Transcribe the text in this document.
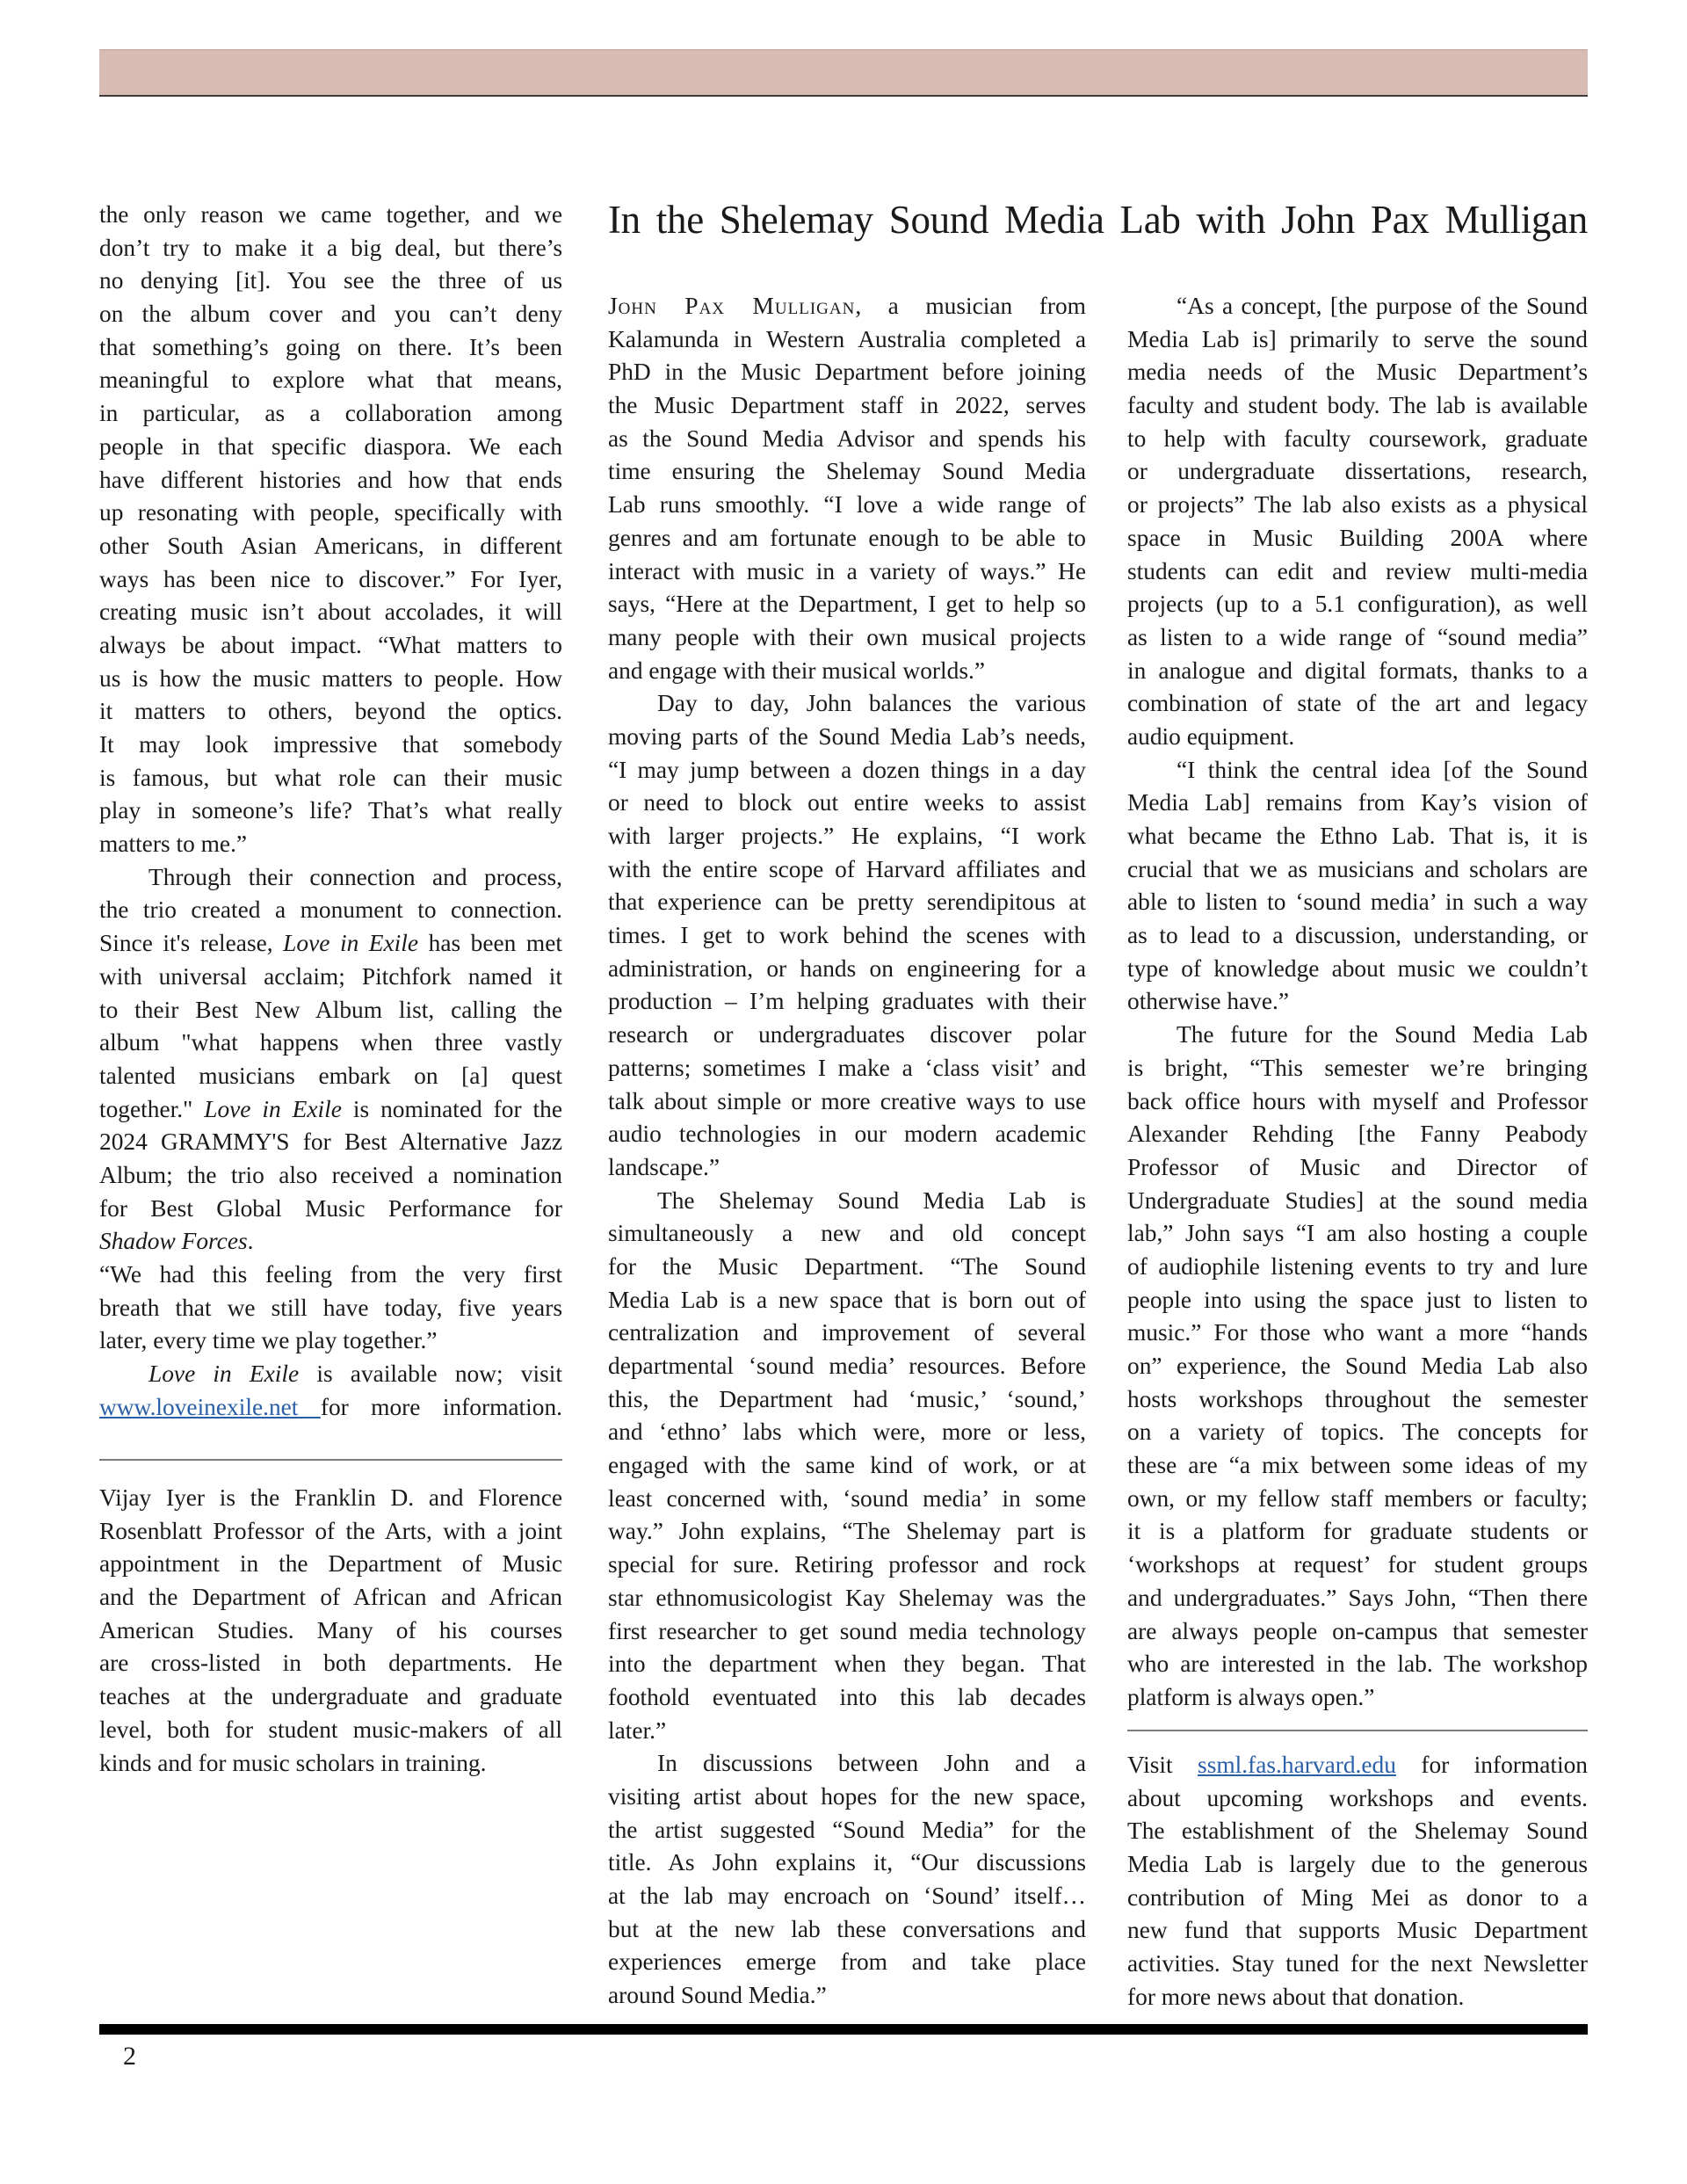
the only reason we came together, and we
don’t try to make it a big deal, but there’s
no denying [it]. You see the three of us
on the album cover and you can’t deny
that something’s going on there. It’s been
meaningful to explore what that means,
in particular, as a collaboration among
people in that specific diaspora. We each
have different histories and how that ends
up resonating with people, specifically with
other South Asian Americans, in different
ways has been nice to discover.” For Iyer,
creating music isn’t about accolades, it will
always be about impact. “What matters to
us is how the music matters to people. How
it matters to others, beyond the optics.
It may look impressive that somebody
is famous, but what role can their music
play in someone’s life? That’s what really
matters to me.”
Through their connection and process,
the trio created a monument to connection.
Since it's release, Love in Exile has been met
with universal acclaim; Pitchfork named it
to their Best New Album list, calling the
album "what happens when three vastly
talented musicians embark on [a] quest
together." Love in Exile is nominated for the
2024 GRAMMY'S for Best Alternative Jazz
Album; the trio also received a nomination
for Best Global Music Performance for
Shadow Forces.
“We had this feeling from the very first
breath that we still have today, five years
later, every time we play together.”
Love in Exile is available now; visit
www.loveinexile.net for more information.
Vijay Iyer is the Franklin D. and Florence
Rosenblatt Professor of the Arts, with a joint
appointment in the Department of Music
and the Department of African and African
American Studies. Many of his courses
are cross-listed in both departments. He
teaches at the undergraduate and graduate
level, both for student music-makers of all
kinds and for music scholars in training.
In the Shelemay Sound Media Lab with John Pax Mulligan
John Pax Mulligan, a musician from
Kalamunda in Western Australia completed a
PhD in the Music Department before joining
the Music Department staff in 2022, serves
as the Sound Media Advisor and spends his
time ensuring the Shelemay Sound Media
Lab runs smoothly. “I love a wide range of
genres and am fortunate enough to be able to
interact with music in a variety of ways.” He
says, “Here at the Department, I get to help so
many people with their own musical projects
and engage with their musical worlds.”
Day to day, John balances the various
moving parts of the Sound Media Lab’s needs,
“I may jump between a dozen things in a day
or need to block out entire weeks to assist
with larger projects.” He explains, “I work
with the entire scope of Harvard affiliates and
that experience can be pretty serendipitous at
times. I get to work behind the scenes with
administration, or hands on engineering for a
production – I’m helping graduates with their
research or undergraduates discover polar
patterns; sometimes I make a ‘class visit’ and
talk about simple or more creative ways to use
audio technologies in our modern academic
landscape.”
The Shelemay Sound Media Lab is
simultaneously a new and old concept
for the Music Department. “The Sound
Media Lab is a new space that is born out of
centralization and improvement of several
departmental ‘sound media’ resources. Before
this, the Department had ‘music,’ ‘sound,’
and ‘ethno’ labs which were, more or less,
engaged with the same kind of work, or at
least concerned with, ‘sound media’ in some
way.” John explains, “The Shelemay part is
special for sure. Retiring professor and rock
star ethnomusicologist Kay Shelemay was the
first researcher to get sound media technology
into the department when they began. That
foothold eventuated into this lab decades
later.”
In discussions between John and a
visiting artist about hopes for the new space,
the artist suggested “Sound Media” for the
title. As John explains it, “Our discussions
at the lab may encroach on ‘Sound’ itself…
but at the new lab these conversations and
experiences emerge from and take place
around Sound Media.”
“As a concept, [the purpose of the Sound
Media Lab is] primarily to serve the sound
media needs of the Music Department’s
faculty and student body. The lab is available
to help with faculty coursework, graduate
or undergraduate dissertations, research,
or projects” The lab also exists as a physical
space in Music Building 200A where
students can edit and review multi-media
projects (up to a 5.1 configuration), as well
as listen to a wide range of “sound media”
in analogue and digital formats, thanks to a
combination of state of the art and legacy
audio equipment.
“I think the central idea [of the Sound
Media Lab] remains from Kay’s vision of
what became the Ethno Lab. That is, it is
crucial that we as musicians and scholars are
able to listen to ‘sound media’ in such a way
as to lead to a discussion, understanding, or
type of knowledge about music we couldn’t
otherwise have.”
The future for the Sound Media Lab
is bright, “This semester we’re bringing
back office hours with myself and Professor
Alexander Rehding [the Fanny Peabody
Professor of Music and Director of
Undergraduate Studies] at the sound media
lab,” John says “I am also hosting a couple
of audiophile listening events to try and lure
people into using the space just to listen to
music.” For those who want a more “hands
on” experience, the Sound Media Lab also
hosts workshops throughout the semester
on a variety of topics. The concepts for
these are “a mix between some ideas of my
own, or my fellow staff members or faculty;
it is a platform for graduate students or
‘workshops at request’ for student groups
and undergraduates.” Says John, “Then there
are always people on-campus that semester
who are interested in the lab. The workshop
platform is always open.”
Visit ssml.fas.harvard.edu for information
about upcoming workshops and events.
The establishment of the Shelemay Sound
Media Lab is largely due to the generous
contribution of Ming Mei as donor to a
new fund that supports Music Department
activities. Stay tuned for the next Newsletter
for more news about that donation.
2
